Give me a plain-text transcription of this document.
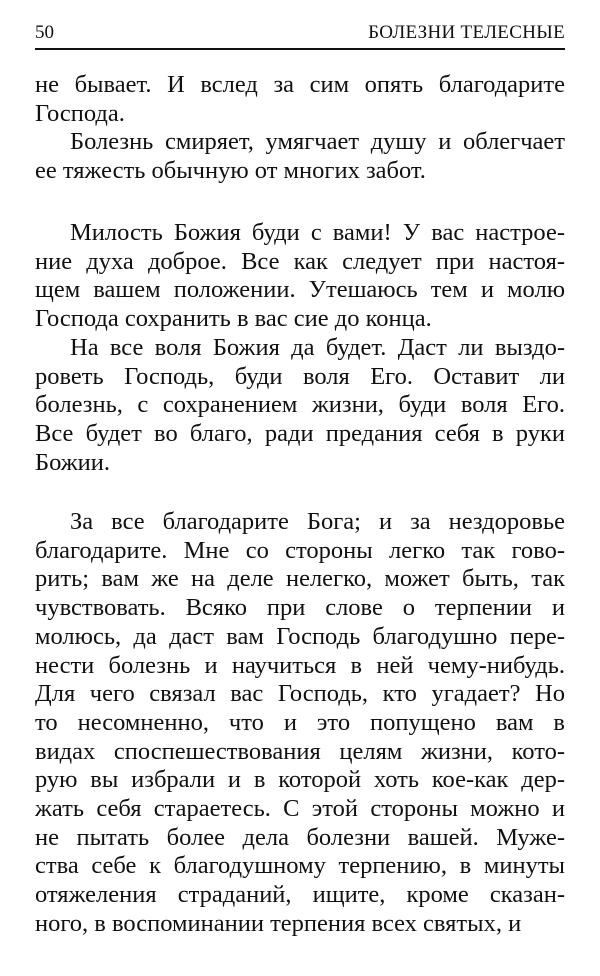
50	БОЛЕЗНИ ТЕЛЕСНЫЕ
не бывает. И вслед за сим опять благодарите
Господа.
Болезнь смиряет, умягчает душу и облегчает
ее тяжесть обычную от многих забот.
Милость Божия буди с вами! У вас настрое-
ние духа доброе. Все как следует при настоя-
щем вашем положении. Утешаюсь тем и молю
Господа сохранить в вас сие до конца.
На все воля Божия да будет. Даст ли выздо-
роветь Господь, буди воля Его. Оставит ли
болезнь, с сохранением жизни, буди воля Его.
Все будет во благо, ради предания себя в руки
Божии.
За все благодарите Бога; и за нездоровье
благодарите. Мне со стороны легко так гово-
рить; вам же на деле нелегко, может быть, так
чувствовать. Всяко при слове о терпении и
молюсь, да даст вам Господь благодушно пере-
нести болезнь и научиться в ней чему-нибудь.
Для чего связал вас Господь, кто угадает? Но
то несомненно, что и это попущено вам в
видах споспешествования целям жизни, кото-
рую вы избрали и в которой хоть кое-как дер-
жать себя стараетесь. С этой стороны можно и
не пытать более дела болезни вашей. Муже-
ства себе к благодушному терпению, в минуты
отяжеления страданий, ищите, кроме сказан-
ного, в воспоминании терпения всех святых, и
